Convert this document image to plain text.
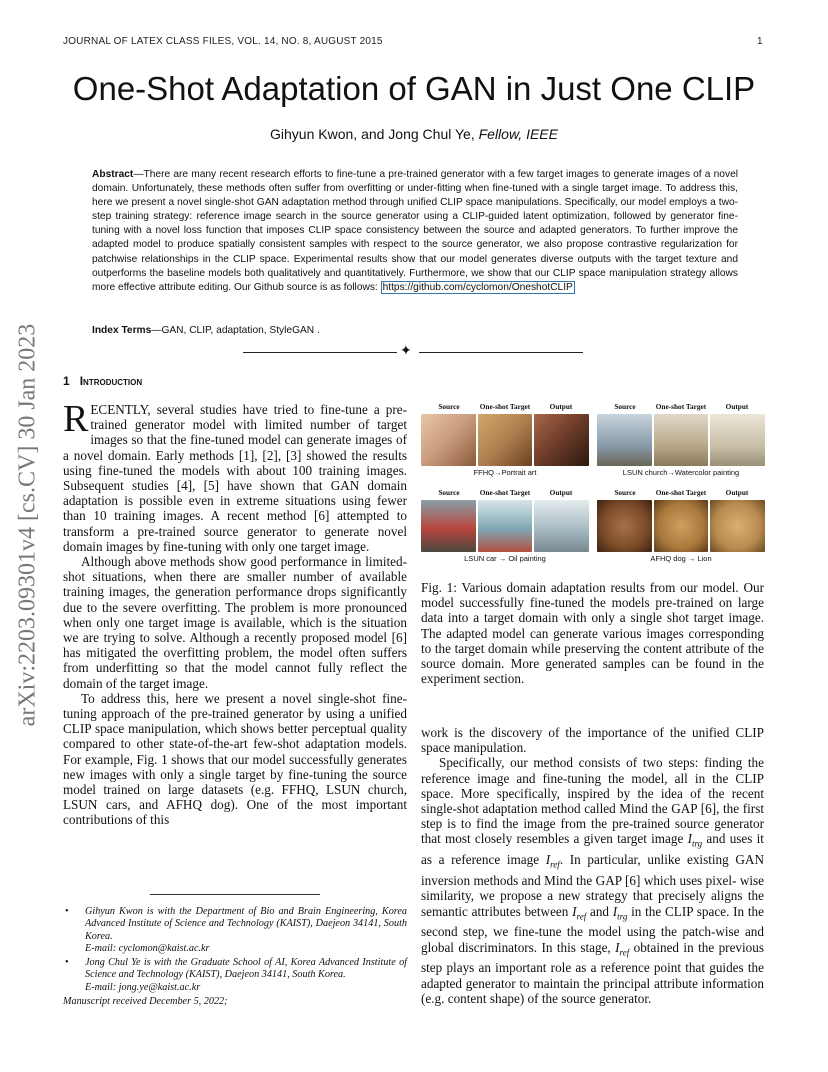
JOURNAL OF LATEX CLASS FILES, VOL. 14, NO. 8, AUGUST 2015	1
One-Shot Adaptation of GAN in Just One CLIP
Gihyun Kwon, and Jong Chul Ye, Fellow, IEEE
Abstract—There are many recent research efforts to fine-tune a pre-trained generator with a few target images to generate images of a novel domain. Unfortunately, these methods often suffer from overfitting or under-fitting when fine-tuned with a single target image. To address this, here we present a novel single-shot GAN adaptation method through unified CLIP space manipulations. Specifically, our model employs a two-step training strategy: reference image search in the source generator using a CLIP-guided latent optimization, followed by generator fine-tuning with a novel loss function that imposes CLIP space consistency between the source and adapted generators. To further improve the adapted model to produce spatially consistent samples with respect to the source generator, we also propose contrastive regularization for patchwise relationships in the CLIP space. Experimental results show that our model generates diverse outputs with the target texture and outperforms the baseline models both qualitatively and quantitatively. Furthermore, we show that our CLIP space manipulation strategy allows more effective attribute editing. Our Github source is as follows: https://github.com/cyclomon/OneshotCLIP
Index Terms—GAN, CLIP, adaptation, StyleGAN .
✦
arXiv:2203.09301v4 [cs.CV] 30 Jan 2023 1 Introduction

RECENTLY, several studies have tried to fine-tune a pre-trained generator model with limited number of target images so that the fine-tuned model can generate images of a novel domain. Early methods [1], [2], [3] showed the results using fine-tuned the models with about 100 training images. Subsequent studies [4], [5] have shown that GAN domain adaptation is possible even in extreme situations using fewer than 10 training images. A recent method [6] attempted to transform a pre-trained source generator to generate novel domain images by fine-tuning with only one target image.

Although above methods show good performance in limited-shot situations, when there are smaller number of available training images, the generation performance drops significantly due to the severe overfitting. The problem is more pronounced when only one target image is available, which is the situation we are trying to solve. Although a recently proposed model [6] has mitigated the overfitting problem, the model often suffers from underfitting so that the model cannot fully reflect the domain of the target image.

To address this, here we present a novel single-shot fine-tuning approach of the pre-trained generator by using a unified CLIP space manipulation, which shows better perceptual quality compared to other state-of-the-art few-shot adaptation models. For example, Fig. 1 shows that our model successfully generates new images with only a single target by fine-tuning the source model trained on large datasets (e.g. FFHQ, LSUN church, LSUN cars, and AFHQ dog). One of the most important contributions of this

• Gihyun Kwon is with the Department of Bio and Brain Engineering, Korea Advanced Institute of Science and Technology (KAIST), Daejeon 34141, South Korea.
E-mail: cyclomon@kaist.ac.kr
• Jong Chul Ye is with the Graduate School of AI, Korea Advanced Institute of Science and Technology (KAIST), Daejeon 34141, South Korea.
E-mail: jong.ye@kaist.ac.kr
Manuscript received December 5, 2022;
Source	One-shot Target	Output
FFHQ→Portrait art
Source	One-shot Target	Output
LSUN church→Watercolor painting
Source	One-shot Target	Output
LSUN car → Oil painting
Source	One-shot Target	Output
AFHQ dog → Lion
Fig. 1: Various domain adaptation results from our model. Our model successfully fine-tuned the models pre-trained on large data into a target domain with only a single shot target image. The adapted model can generate various images corresponding to the target domain while preserving the content attribute of the source domain. More generated samples can be found in the experiment section.

work is the discovery of the importance of the unified CLIP space manipulation.

Specifically, our method consists of two steps: finding the reference image and fine-tuning the model, all in the CLIP space. More specifically, inspired by the idea of the recent single-shot adaptation method called Mind the GAP [6], the first step is to find the image from the pre-trained source generator that most closely resembles a given target image $I_{trg}$ and uses it as a reference image $I_{ref}$. In particular, unlike existing GAN inversion methods and Mind the GAP [6] which uses pixel- wise similarity, we propose a new strategy that precisely aligns the semantic attributes between $I_{ref}$ and $I_{trg}$ in the CLIP space. In the second step, we fine-tune the model using the patch-wise and global discriminators. In this stage, $I_{ref}$ obtained in the previous step plays an important role as a reference point that guides the adapted generator to maintain the principal attribute information (e.g. content shape) of the source generator.
